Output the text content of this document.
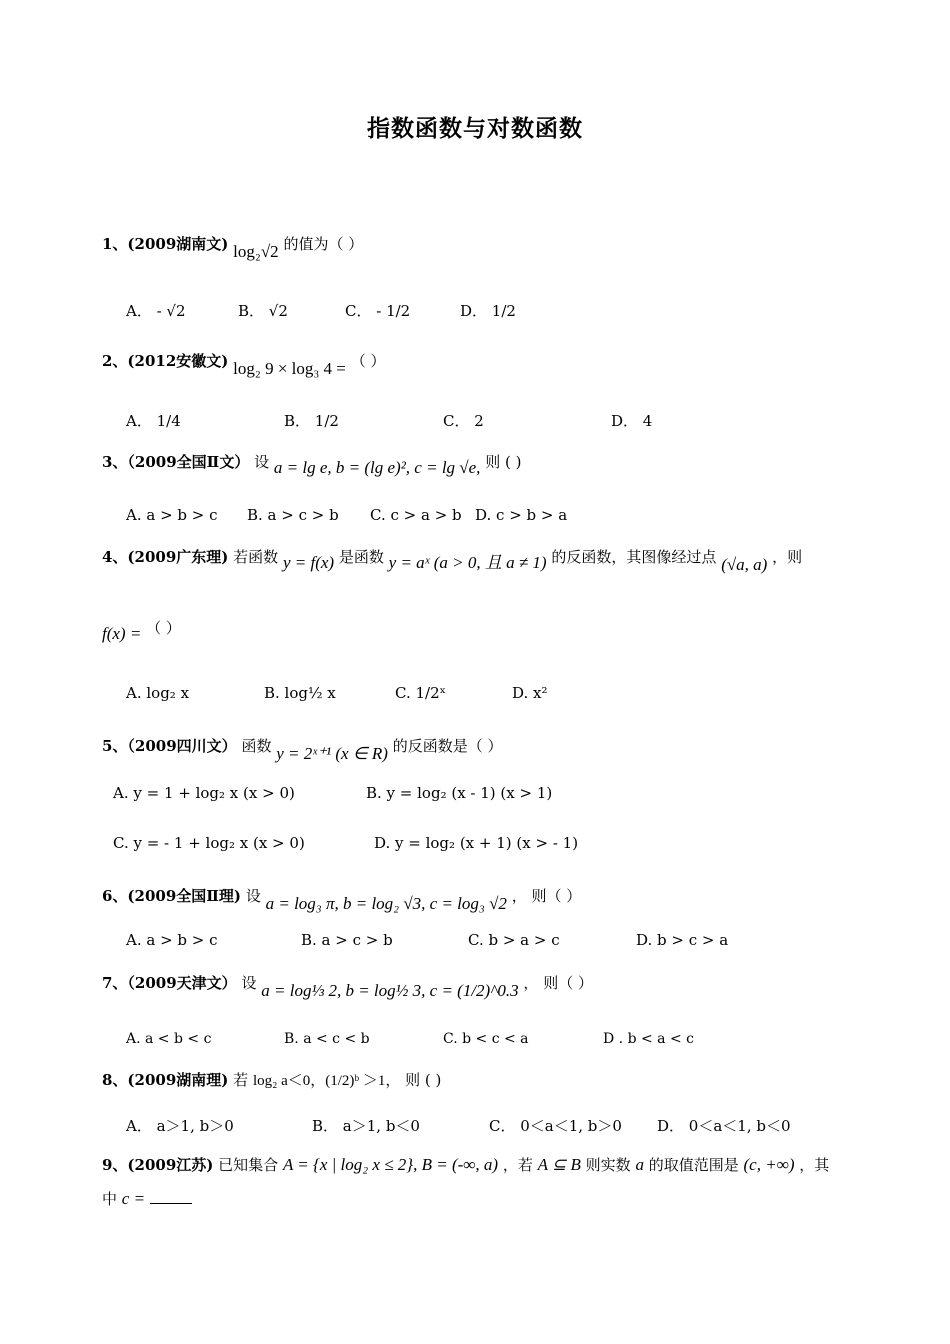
指数函数与对数函数
1、(2009湖南文) log₂√2 的值为（ ）
A． - √2	B． √2	C． - 1/2	D． 1/2
2、(2012安徽文) log₂ 9 × log₃ 4 = （ ）
A． 1/4	B． 1/2	C． 2	D． 4
3、（2009全国Ⅱ文） 设 a = lg e, b = (lg e)², c = lg √e, 则 ( )
A. a > b > c B. a > c > b C. c > a > b D. c > b > a
4、(2009广东理) 若函数 y = f(x) 是函数 y = aˣ (a > 0, 且 a ≠ 1) 的反函数，其图像经过点 (√a, a) ，则
f(x) = （ ）
A. log₂ x	B. log½ x	C. 1/2ˣ	D. x²
5、（2009四川文） 函数 y = 2ˣ⁺¹ (x ∈ R) 的反函数是（ ）
A. y = 1 + log₂ x (x > 0)	B. y = log₂ (x - 1) (x > 1)
C. y = - 1 + log₂ x (x > 0)	D. y = log₂ (x + 1) (x > - 1)
6、(2009全国Ⅱ理) 设 a = log₃ π, b = log₂ √3, c = log₃ √2 ， 则（ ）
A. a > b > c	B. a > c > b	C. b > a > c	D. b > c > a
7、（2009天津文） 设 a = log⅓ 2, b = log½ 3, c = (1/2)^0.3 ， 则（ ）
A. a < b < c	B. a < c < b	C. b < c < a	D . b < a < c
8、(2009湖南理) 若 log₂ a＜0，(1/2)ᵇ ＞1， 则 ( )
A． a＞1, b＞0	B． a＞1, b＜0	C． 0＜a＜1, b＞0 D． 0＜a＜1, b＜0
9、(2009江苏) 已知集合 A = {x | log₂ x ≤ 2}, B = (-∞, a) ，若 A ⊆ B 则实数 a 的取值范围是 (c, +∞) ，其
中 c =
